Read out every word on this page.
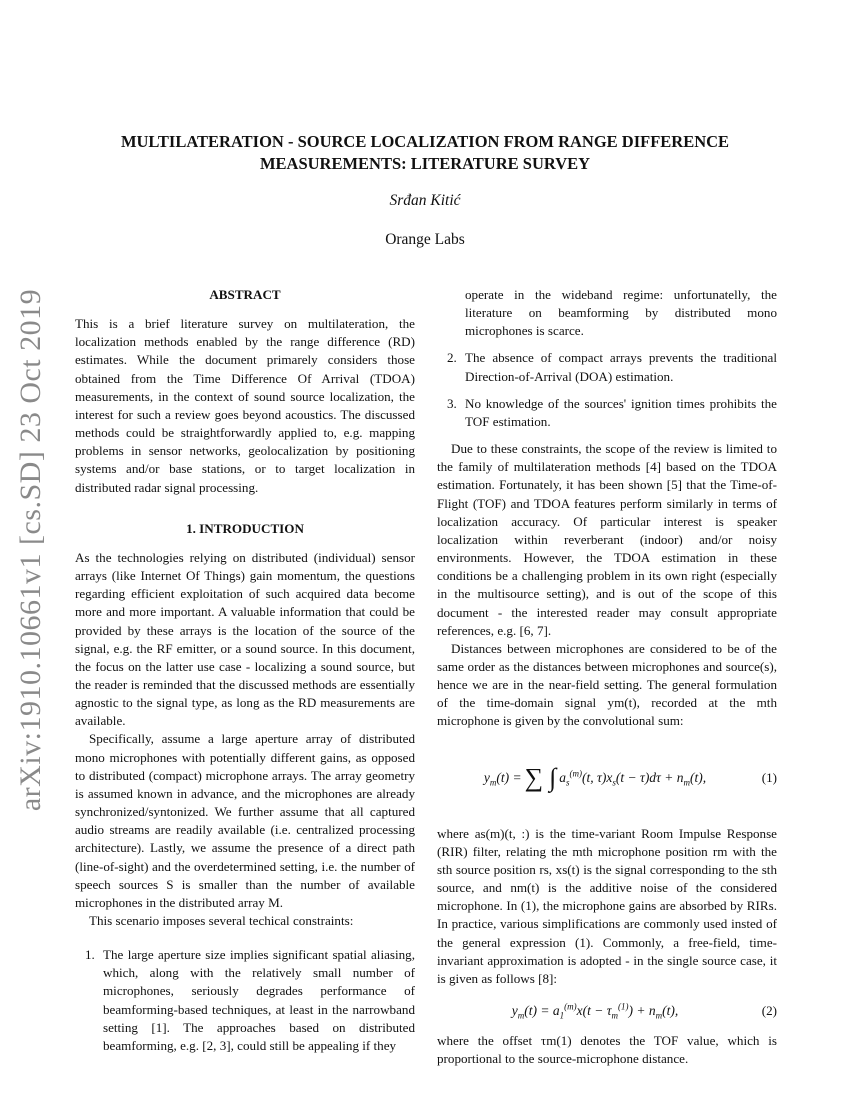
arXiv:1910.10661v1 [cs.SD] 23 Oct 2019
MULTILATERATION - SOURCE LOCALIZATION FROM RANGE DIFFERENCE
MEASUREMENTS: LITERATURE SURVEY
Srđan Kitić
Orange Labs
ABSTRACT

This is a brief literature survey on multilateration, the localization methods enabled by the range difference (RD) estimates. While the document primarely considers those obtained from the Time Difference Of Arrival (TDOA) measurements, in the context of sound source localization, the interest for such a review goes beyond acoustics. The discussed methods could be straightforwardly applied to, e.g. mapping problems in sensor networks, geolocalization by positioning systems and/or base stations, or to target localization in distributed radar signal processing.

1. INTRODUCTION

As the technologies relying on distributed (individual) sensor arrays (like Internet Of Things) gain momentum, the questions regarding efficient exploitation of such acquired data become more and more important. A valuable information that could be provided by these arrays is the location of the source of the signal, e.g. the RF emitter, or a sound source. In this document, the focus on the latter use case - localizing a sound source, but the reader is reminded that the discussed methods are essentially agnostic to the signal type, as long as the RD measurements are available.

Specifically, assume a large aperture array of distributed mono microphones with potentially different gains, as opposed to distributed (compact) microphone arrays. The array geometry is assumed known in advance, and the microphones are already synchronized/syntonized. We further assume that all captured audio streams are readily available (i.e. centralized processing architecture). Lastly, we assume the presence of a direct path (line-of-sight) and the overdetermined setting, i.e. the number of speech sources S is smaller than the number of available microphones in the distributed array M.

This scenario imposes several techical constraints:

1. The large aperture size implies significant spatial aliasing, which, along with the relatively small number of microphones, seriously degrades performance of beamforming-based techniques, at least in the narrowband setting [1]. The approaches based on distributed beamforming, e.g. [2, 3], could still be appealing if they
operate in the wideband regime: unfortunatelly, the literature on beamforming by distributed mono microphones is scarce.
2. The absence of compact arrays prevents the traditional Direction-of-Arrival (DOA) estimation.
3. No knowledge of the sources' ignition times prohibits the TOF estimation.

Due to these constraints, the scope of the review is limited to the family of multilateration methods [4] based on the TDOA estimation. Fortunately, it has been shown [5] that the Time-of-Flight (TOF) and TDOA features perform similarly in terms of localization accuracy. Of particular interest is speaker localization within reverberant (indoor) and/or noisy environments. However, the TDOA estimation in these conditions be a challenging problem in its own right (especially in the multisource setting), and is out of the scope of this document - the interested reader may consult appropriate references, e.g. [6, 7].

Distances between microphones are considered to be of the same order as the distances between microphones and source(s), hence we are in the near-field setting. The general formulation of the time-domain signal ym(t), recorded at the mth microphone is given by the convolutional sum:

$y_m(t)$ = ∑ ∫ $a_s^{(m)}(t$, $\tau)x_s(t - \tau)d\tau + n_m(t)$,	(1)

where as(m)(t, :) is the time-variant Room Impulse Response (RIR) filter, relating the mth microphone position rm with the sth source position rs, xs(t) is the signal corresponding to the sth source, and nm(t) is the additive noise of the considered microphone. In (1), the microphone gains are absorbed by RIRs. In practice, various simplifications are commonly used insted of the general expression (1). Commonly, a free-field, time-invariant approximation is adopted - in the single source case, it is given as follows [8]:

$y_m(t) = a_1^{(m)}x(t - \tau_m^{(1)}) + n_m(t)$,	(2)

where the offset τm(1) denotes the TOF value, which is proportional to the source-microphone distance.
